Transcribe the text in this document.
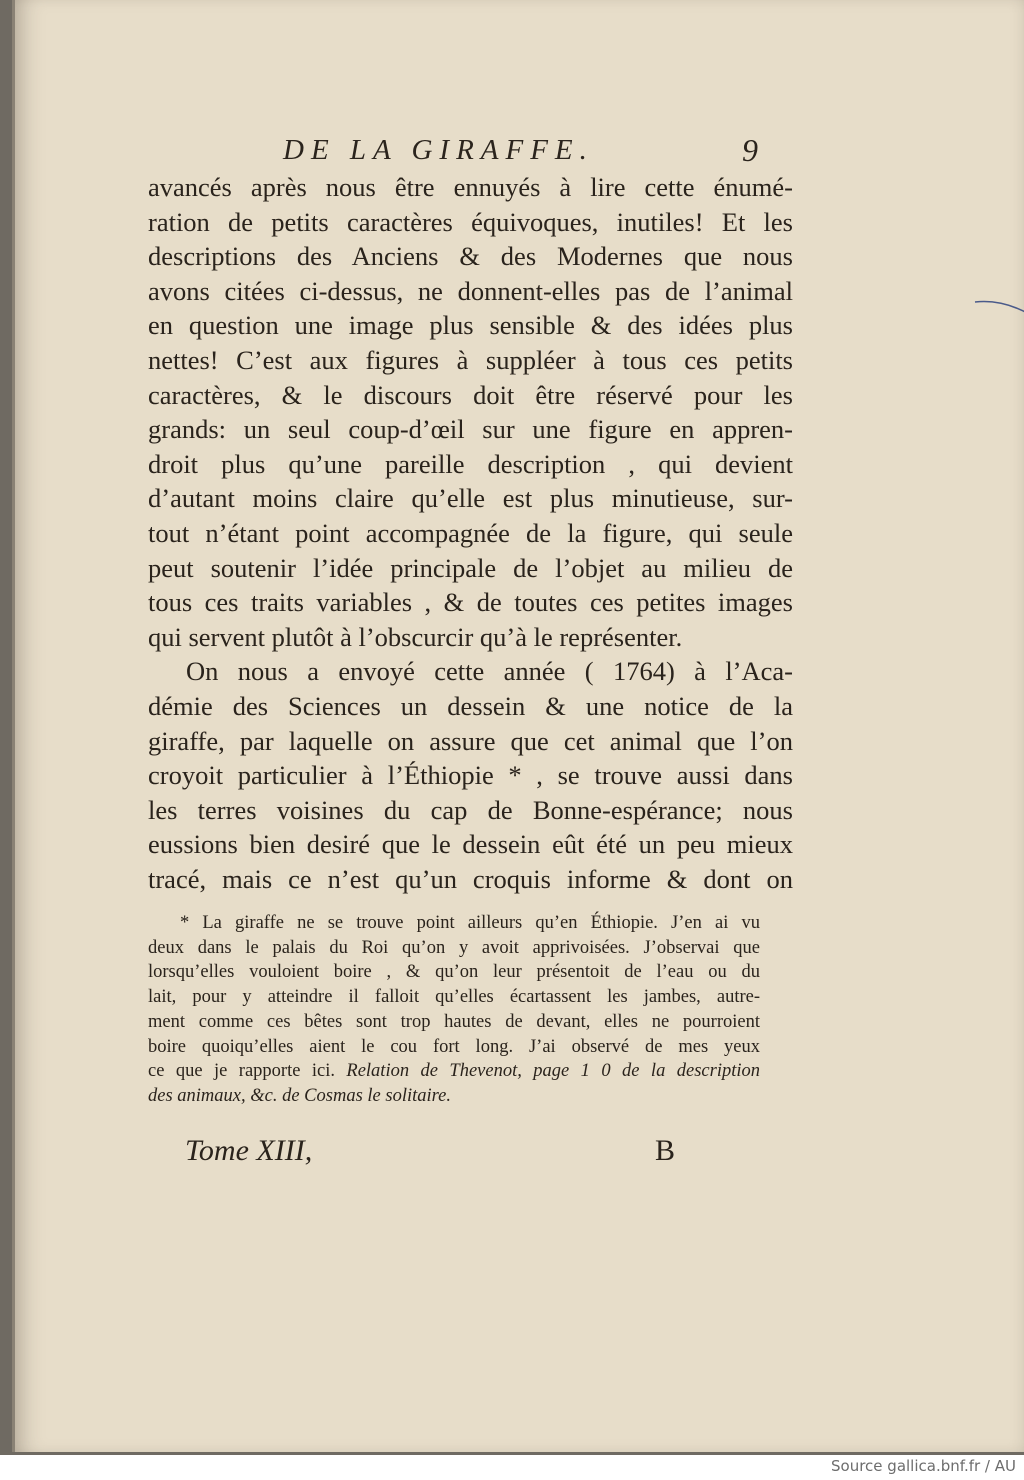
DE LA GIRAFFE.	9
avancés après nous être ennuyés à lire cette énumé-
ration de petits caractères équivoques, inutiles! Et les
descriptions des Anciens & des Modernes que nous
avons citées ci-dessus, ne donnent-elles pas de l’animal
en question une image plus sensible & des idées plus
nettes! C’est aux figures à suppléer à tous ces petits
caractères, & le discours doit être réservé pour les
grands: un seul coup-d’œil sur une figure en appren-
droit plus qu’une pareille description , qui devient
d’autant moins claire qu’elle est plus minutieuse, sur-
tout n’étant point accompagnée de la figure, qui seule
peut soutenir l’idée principale de l’objet au milieu de
tous ces traits variables , & de toutes ces petites images
qui servent plutôt à l’obscurcir qu’à le représenter.
On nous a envoyé cette année ( 1764) à l’Aca-
démie des Sciences un dessein & une notice de la
giraffe, par laquelle on assure que cet animal que l’on
croyoit particulier à l’Éthiopie * , se trouve aussi dans
les terres voisines du cap de Bonne-espérance; nous
eussions bien desiré que le dessein eût été un peu mieux
tracé, mais ce n’est qu’un croquis informe & dont on
* La giraffe ne se trouve point ailleurs qu’en Éthiopie. J’en ai vu
deux dans le palais du Roi qu’on y avoit apprivoisées. J’observai que
lorsqu’elles vouloient boire , & qu’on leur présentoit de l’eau ou du
lait, pour y atteindre il falloit qu’elles écartassent les jambes, autre-
ment comme ces bêtes sont trop hautes de devant, elles ne pourroient
boire quoiqu’elles aient le cou fort long. J’ai observé de mes yeux
ce que je rapporte ici. Relation de Thevenot, page 1 0 de la description
des animaux, &c. de Cosmas le solitaire.
Tome XIII,	B
Source gallica.bnf.fr / AU
